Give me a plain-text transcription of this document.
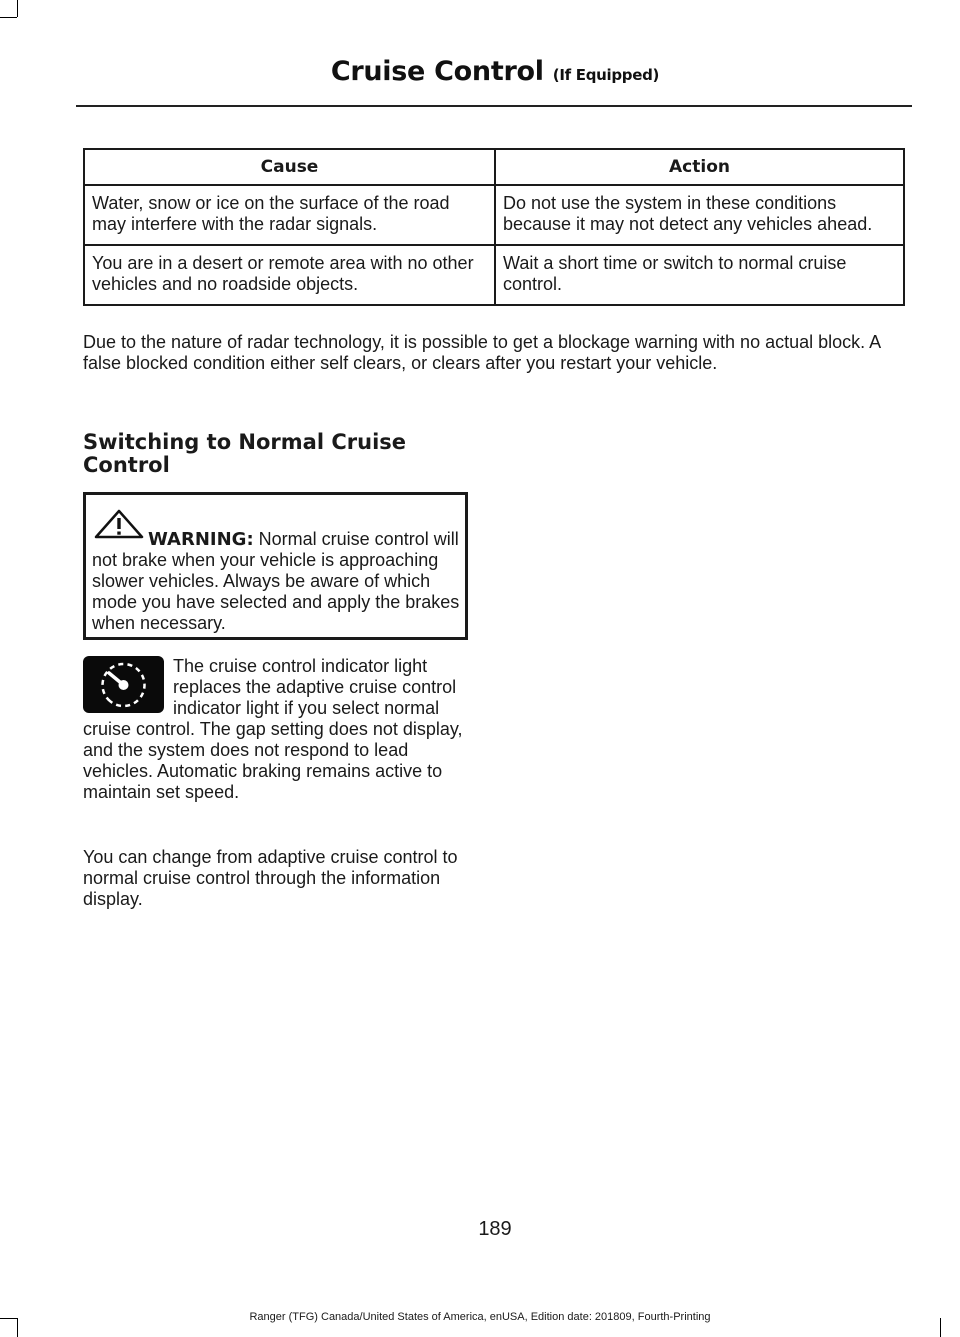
Cruise Control (If Equipped)
Cause	Action
Water, snow or ice on the surface of the road may interfere with the radar signals.	Do not use the system in these conditions because it may not detect any vehicles ahead.
You are in a desert or remote area with no other vehicles and no roadside objects.	Wait a short time or switch to normal cruise control.

Due to the nature of radar technology, it is possible to get a blockage warning with no actual block. A false blocked condition either self clears, or clears after you restart your vehicle.

Switching to Normal Cruise Control

WARNING: Normal cruise control will not brake when your vehicle is approaching slower vehicles. Always be aware of which mode you have selected and apply the brakes when necessary.

The cruise control indicator light replaces the adaptive cruise control indicator light if you select normal cruise control. The gap setting does not display, and the system does not respond to lead vehicles. Automatic braking remains active to maintain set speed.

You can change from adaptive cruise control to normal cruise control through the information display.

189
Ranger (TFG) Canada/United States of America, enUSA, Edition date: 201809, Fourth-Printing
